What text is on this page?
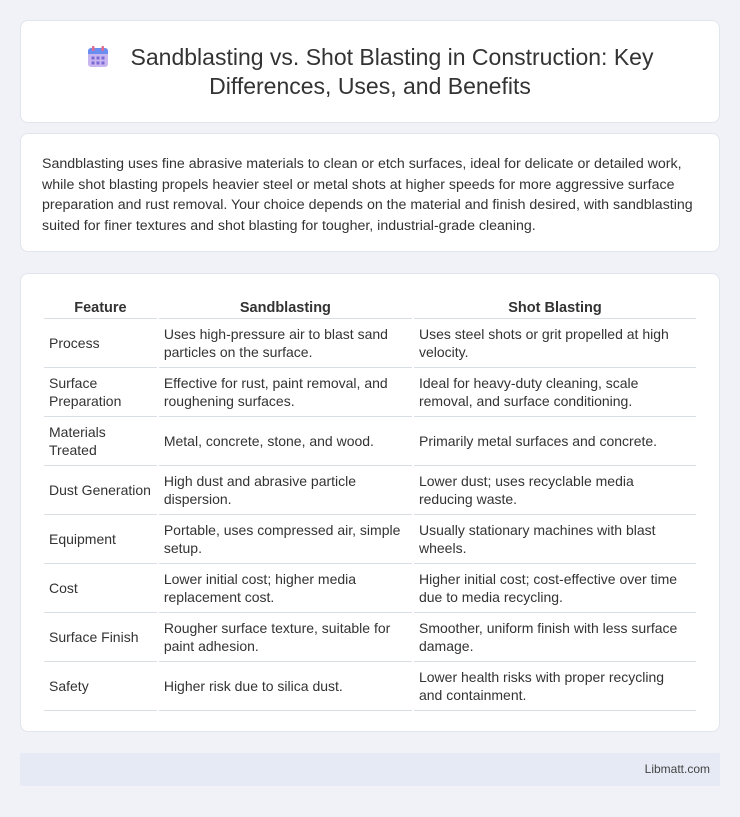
Sandblasting vs. Shot Blasting in Construction: Key Differences, Uses, and Benefits

Sandblasting uses fine abrasive materials to clean or etch surfaces, ideal for delicate or detailed work, while shot blasting propels heavier steel or metal shots at higher speeds for more aggressive surface preparation and rust removal. Your choice depends on the material and finish desired, with sandblasting suited for finer textures and shot blasting for tougher, industrial-grade cleaning.

Feature	Sandblasting	Shot Blasting
Process	Uses high-pressure air to blast sand particles on the surface.	Uses steel shots or grit propelled at high velocity.
Surface Preparation	Effective for rust, paint removal, and roughening surfaces.	Ideal for heavy-duty cleaning, scale removal, and surface conditioning.
Materials Treated	Metal, concrete, stone, and wood.	Primarily metal surfaces and concrete.
Dust Generation	High dust and abrasive particle dispersion.	Lower dust; uses recyclable media reducing waste.
Equipment	Portable, uses compressed air, simple setup.	Usually stationary machines with blast wheels.
Cost	Lower initial cost; higher media replacement cost.	Higher initial cost; cost-effective over time due to media recycling.
Surface Finish	Rougher surface texture, suitable for paint adhesion.	Smoother, uniform finish with less surface damage.
Safety	Higher risk due to silica dust.	Lower health risks with proper recycling and containment.
Libmatt.com
